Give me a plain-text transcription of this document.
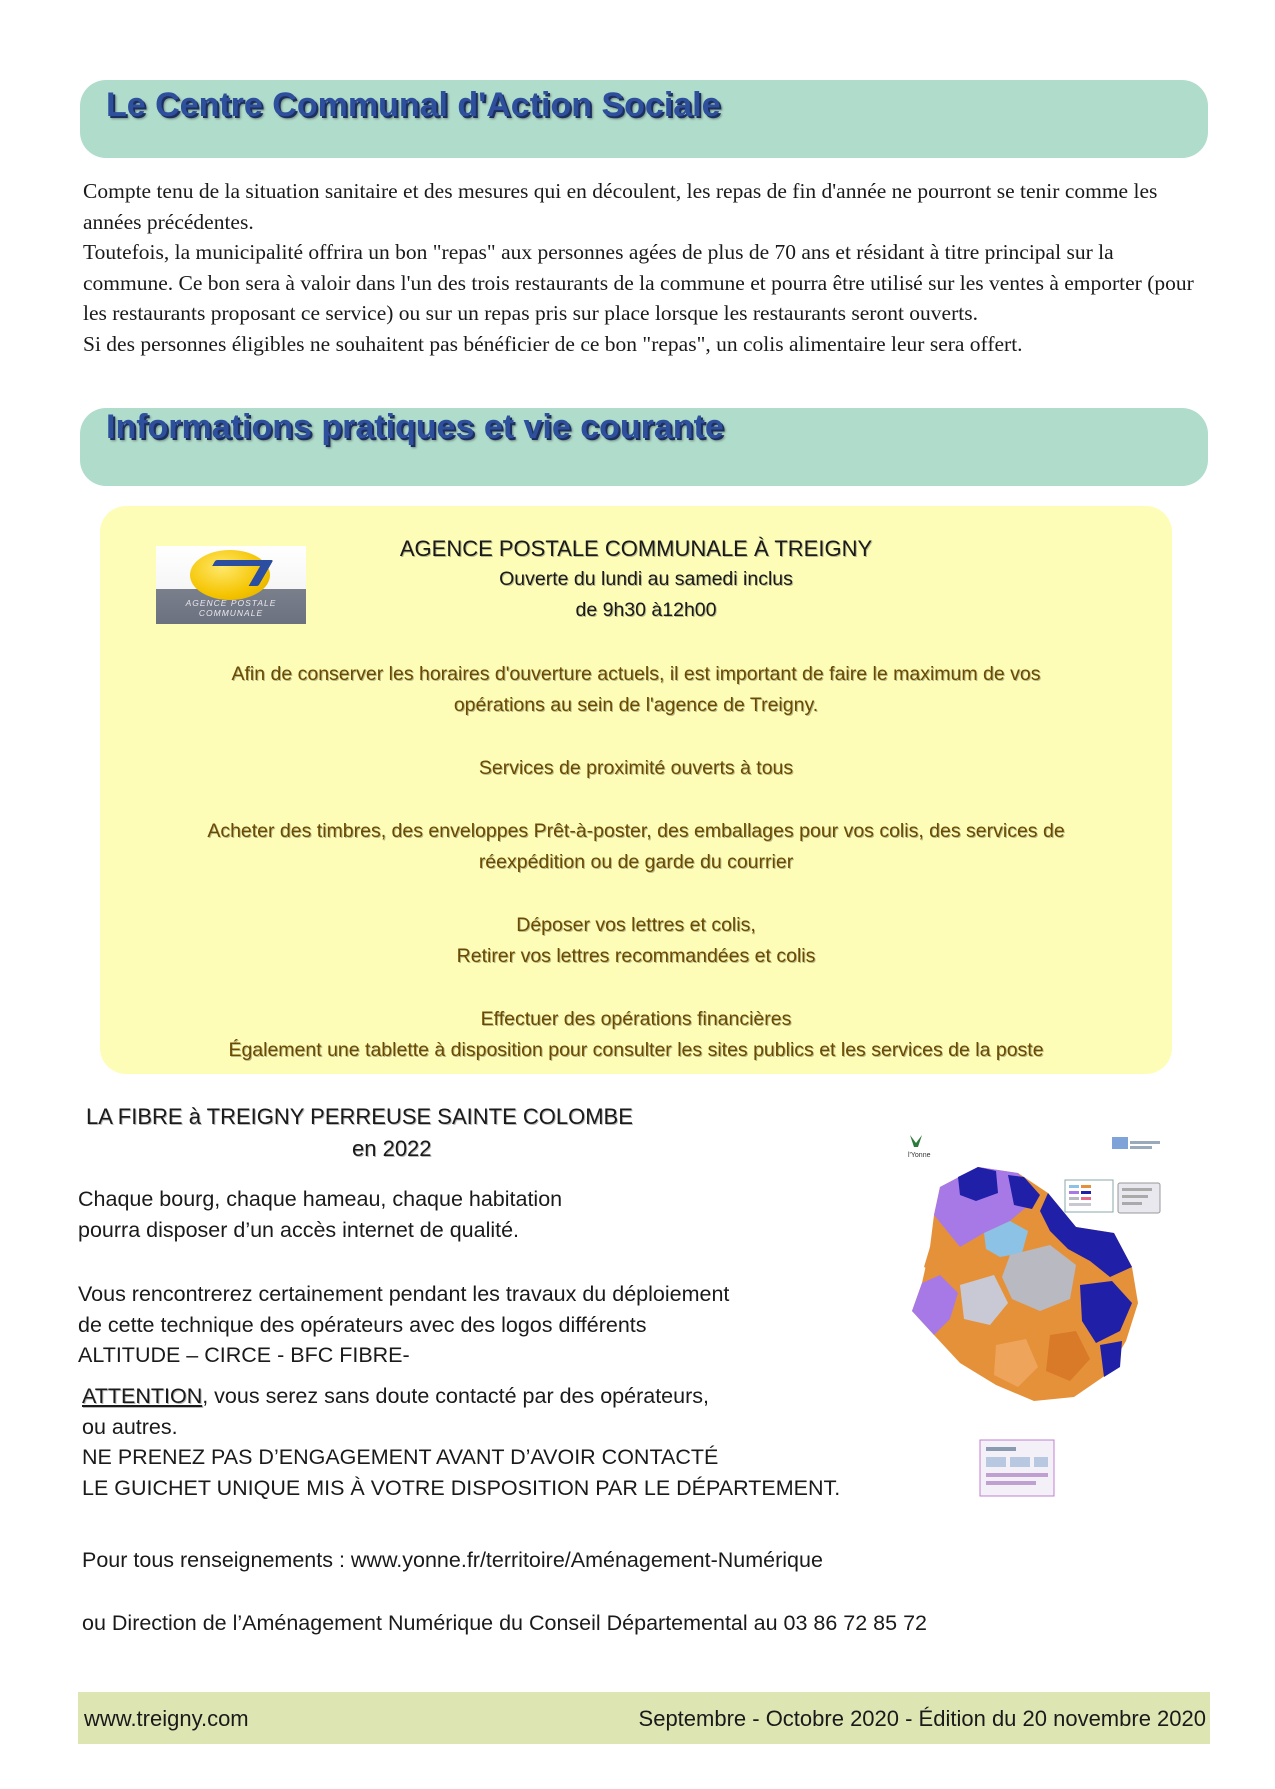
Le Centre Communal d'Action Sociale

Compte tenu de la situation sanitaire et des mesures qui en découlent, les repas de fin d'année ne pourront se tenir comme les années précédentes.

Toutefois, la municipalité offrira un bon "repas" aux personnes agées de plus de 70 ans et résidant à titre principal sur la commune. Ce bon sera à valoir dans l'un des trois restaurants de la commune et pourra être utilisé sur les ventes à emporter (pour les restaurants proposant ce service) ou sur un repas pris sur place lorsque les restaurants seront ouverts.

Si des personnes éligibles ne souhaitent pas bénéficier de ce bon "repas", un colis alimentaire leur sera offert.

Informations pratiques et vie courante
AGENCE POSTALE
COMMUNALE
AGENCE POSTALE COMMUNALE À TREIGNY
Ouverte du lundi au samedi inclus
de 9h30 à12h00
Afin de conserver les horaires d'ouverture actuels, il est important de faire le maximum de vos
opérations au sein de l'agence de Treigny.
Services de proximité ouverts à tous
Acheter des timbres, des enveloppes Prêt-à-poster, des emballages pour vos colis, des services de
réexpédition ou de garde du courrier
Déposer vos lettres et colis,
Retirer vos lettres recommandées et colis
Effectuer des opérations financières
Également une tablette à disposition pour consulter les sites publics et les services de la poste
LA FIBRE à TREIGNY PERREUSE SAINTE COLOMBE
en 2022

Chaque bourg, chaque hameau, chaque habitation

pourra disposer d’un accès internet de qualité.

Vous rencontrerez certainement pendant les travaux du déploiement

de cette technique des opérateurs avec des logos différents

ALTITUDE – CIRCE - BFC FIBRE-

ATTENTION, vous serez sans doute contacté par des opérateurs,

ou autres.

NE PRENEZ PAS D’ENGAGEMENT AVANT D’AVOIR CONTACTÉ

LE GUICHET UNIQUE MIS À VOTRE DISPOSITION PAR LE DÉPARTEMENT.

Pour tous renseignements : www.yonne.fr/territoire/Aménagement-Numérique
ou Direction de l’Aménagement Numérique du Conseil Départemental au 03 86 72 85 72
l'Yonne
www.treigny.com	Septembre - Octobre 2020 - Édition du 20 novembre 2020
